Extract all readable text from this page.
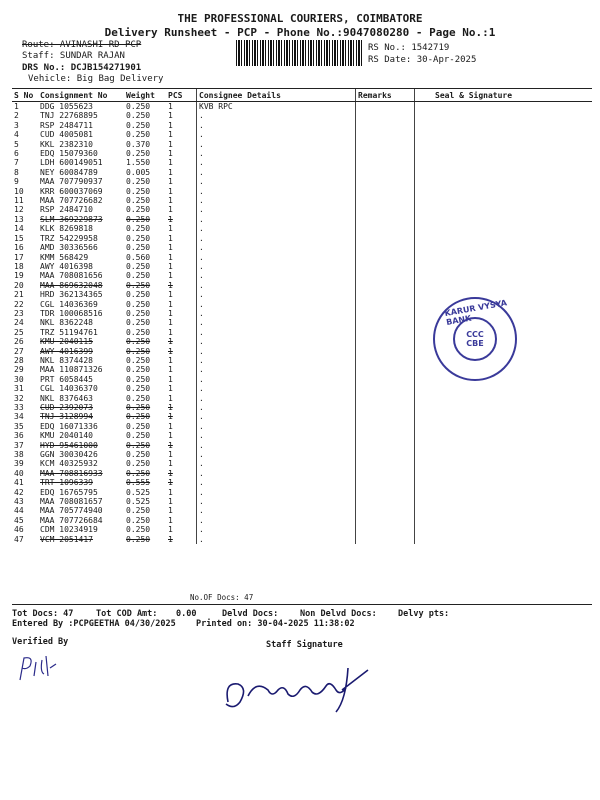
THE PROFESSIONAL COURIERS, COIMBATORE
Delivery Runsheet - PCP - Phone No.:9047080280 - Page No.:1
Route: AVINASHI RD PCP
Staff: SUNDAR RAJAN
DRS No.: DCJB154271901
Vehicle: Big Bag Delivery
RS No.: 1542719
RS Date: 30-Apr-2025
S No	Consignment No	Weight	PCS	Consignee Details	Remarks	Seal & Signature
1	DDG 1055623	0.250	1	KVB RPC		
2	TNJ 22768895	0.250	1	.		
3	RSP 2484711	0.250	1	.		
4	CUD 4005081	0.250	1	.		
5	KKL 2382310	0.370	1	.		
6	EDQ 15079360	0.250	1	.		
7	LDH 600149051	1.550	1	.		
8	NEY 60084789	0.005	1	.		
9	MAA 707790937	0.250	1	.		
10	KRR 600037069	0.250	1	.		
11	MAA 707726682	0.250	1	.		
12	RSP 2484710	0.250	1	.		
13	SLM 369229873	0.250	1	.		
14	KLK 8269818	0.250	1	.		
15	TRZ 54229958	0.250	1	.		
16	AMD 30336566	0.250	1	.		
17	KMM 568429	0.560	1	.		
18	AWY 4016398	0.250	1	.		
19	MAA 708081656	0.250	1	.		
20	MAA 869632048	0.250	1	.		
21	HRD 362134365	0.250	1	.		
22	CGL 14036369	0.250	1	.		
23	TDR 100068516	0.250	1	.		
24	NKL 8362248	0.250	1	.		
25	TRZ 51194761	0.250	1	.		
26	KMU 2040115	0.250	1	.		
27	AWY 4016399	0.250	1	.		
28	NKL 8374428	0.250	1	.		
29	MAA 110871326	0.250	1	.		
30	PRT 6058445	0.250	1	.		
31	CGL 14036370	0.250	1	.		
32	NKL 8376463	0.250	1	.		
33	CUD 2392073	0.250	1	.		
34	TNJ 3128994	0.250	1	.		
35	EDQ 16071336	0.250	1	.		
36	KMU 2040140	0.250	1	.		
37	HYD 95461000	0.250	1	.		
38	GGN 30030426	0.250	1	.		
39	KCM 40325932	0.250	1	.		
40	MAA 708816933	0.250	1	.		
41	TRT 1096339	0.555	1	.		
42	EDQ 16765795	0.525	1	.		
43	MAA 708081657	0.525	1	.		
44	MAA 705774940	0.250	1	.		
45	MAA 707726684	0.250	1	.		
46	CDM 10234919	0.250	1	.		
47	VCM 2051417	0.250	1	.		
KARUR VYSYA BANK
CCC
CBE
No.OF Docs: 47
Tot Docs: 47	Tot COD Amt: 0.00	Delvd Docs:	Non Delvd Docs: Delvy pts:
Entered By :PCPGEETHA 04/30/2025 Printed on: 30-04-2025 11:38:02
Verified By	Staff Signature
